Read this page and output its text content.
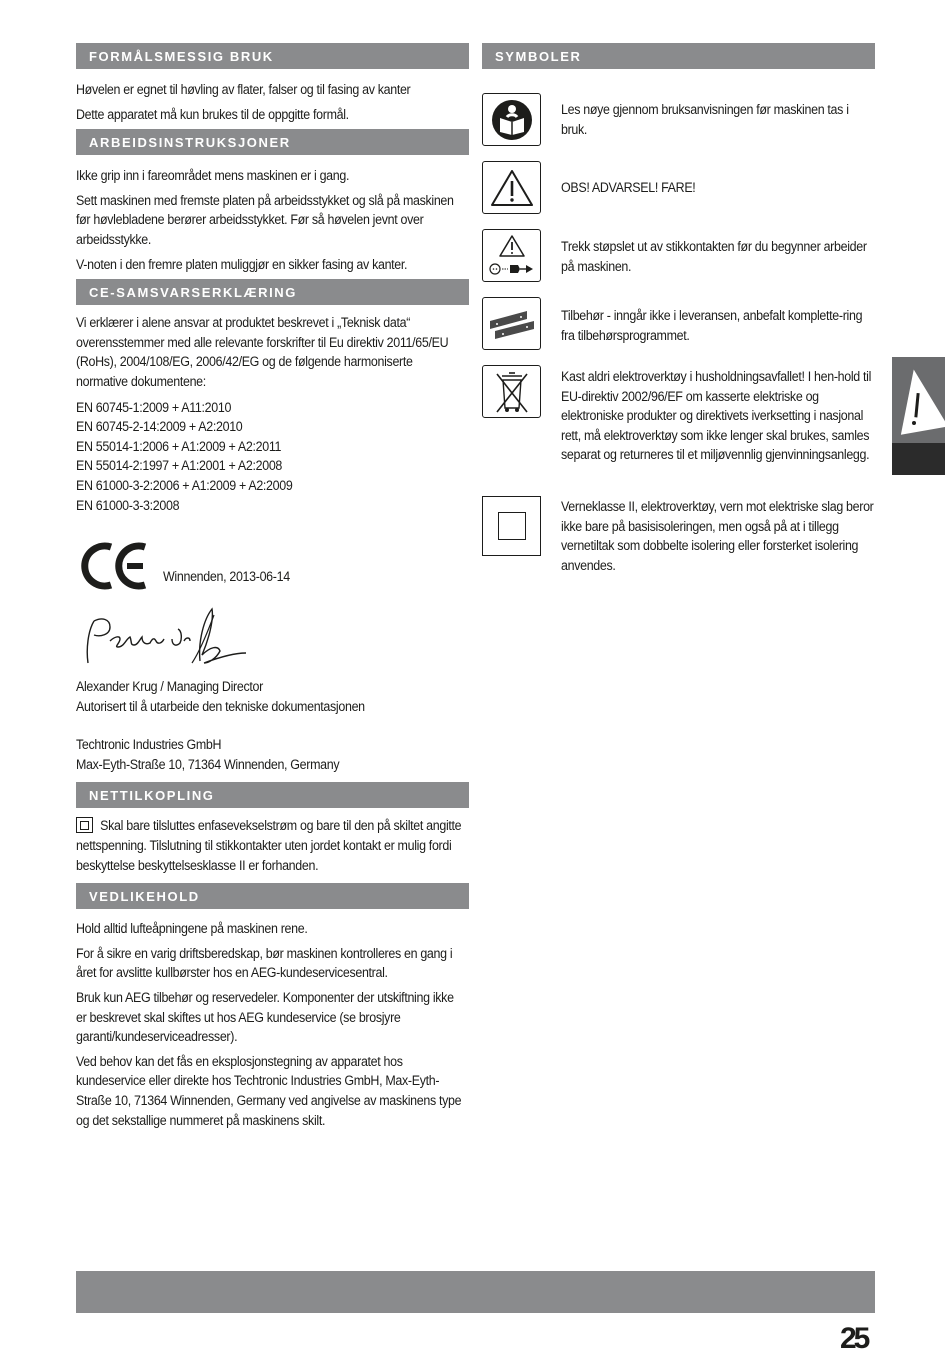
FORMÅLSMESSIG BRUK

Høvelen er egnet til høvling av flater, falser og til fasing av kanter

Dette apparatet må kun brukes til de oppgitte formål.

ARBEIDSINSTRUKSJONER

Ikke grip inn i fareområdet mens maskinen er i gang.

Sett maskinen med fremste platen på arbeidsstykket og slå på maskinen før høvlebladene berører arbeidsstykket. Før så høvelen jevnt over arbeidsstykke.

V-noten i den fremre platen muliggjør en sikker fasing av kanter.

CE-SAMSVARSERKLÆRING

Vi erklærer i alene ansvar at produktet beskrevet i „Teknisk data“ overensstemmer med alle relevante forskrifter til Eu direktiv 2011/65/EU (RoHs), 2004/108/EG, 2006/42/EG og de følgende harmoniserte normative dokumentene:

EN 60745-1:2009 + A11:2010

EN 60745-2-14:2009 + A2:2010

EN 55014-1:2006 + A1:2009 + A2:2011

EN 55014-2:1997 + A1:2001 + A2:2008

EN 61000-3-2:2006 + A1:2009 + A2:2009

EN 61000-3-3:2008

Winnenden, 2013-06-14

Alexander Krug / Managing Director

Autorisert til å utarbeide den tekniske dokumentasjonen

Techtronic Industries GmbH

Max-Eyth-Straße 10, 71364 Winnenden, Germany

NETTILKOPLING

Skal bare tilsluttes enfasevekselstrøm og bare til den på skiltet angitte nettspenning. Tilslutning til stikkontakter uten jordet kontakt er mulig fordi beskyttelse beskyttelsesklasse II er forhanden.

VEDLIKEHOLD

Hold alltid lufteåpningene på maskinen rene.

For å sikre en varig driftsberedskap, bør maskinen kontrolleres en gang i året for avslitte kullbørster hos en AEG-kundeservicesentral.

Bruk kun AEG tilbehør og reservedeler. Komponenter der utskiftning ikke er beskrevet skal skiftes ut hos AEG kundeservice (se brosjyre garanti/kundeserviceadresser).

Ved behov kan det fås en eksplosjonstegning av apparatet hos kundeservice eller direkte hos Techtronic Industries GmbH, Max-Eyth-Straße 10, 71364 Winnenden, Germany ved angivelse av maskinens type og det sekstallige nummeret på maskinens skilt.

SYMBOLER
Les nøye gjennom bruksanvisningen før maskinen tas i bruk.
OBS! ADVARSEL! FARE!
Trekk støpslet ut av stikkontakten før du begynner arbeider på maskinen.
Tilbehør - inngår ikke i leveransen, anbefalt komplette-ring fra tilbehørsprogrammet.
Kast aldri elektroverktøy i husholdningsavfallet! I hen-hold til EU-direktiv 2002/96/EF om kasserte elektriske og elektroniske produkter og direktivets iverksetting i nasjonal rett, må elektroverktøy som ikke lenger skal brukes, samles separat og returneres til et miljøvennlig gjenvinningsanlegg.
Verneklasse II, elektroverktøy, vern mot elektriske slag beror ikke bare på basisisoleringen, men også på at i tillegg vernetiltak som dobbelte isolering eller forsterket isolering anvendes.
25
